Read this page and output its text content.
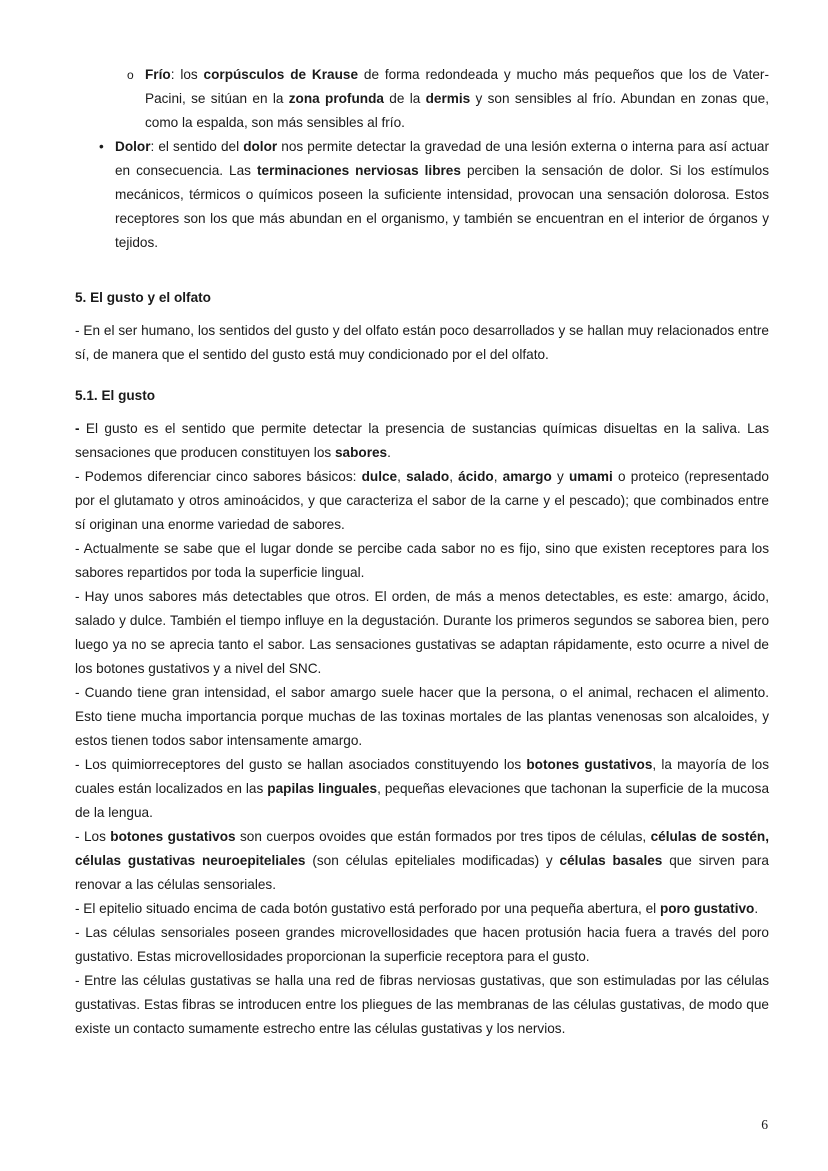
o Frío: los corpúsculos de Krause de forma redondeada y mucho más pequeños que los de Vater-Pacini, se sitúan en la zona profunda de la dermis y son sensibles al frío. Abundan en zonas que, como la espalda, son más sensibles al frío.

• Dolor: el sentido del dolor nos permite detectar la gravedad de una lesión externa o interna para así actuar en consecuencia. Las terminaciones nerviosas libres perciben la sensación de dolor. Si los estímulos mecánicos, térmicos o químicos poseen la suficiente intensidad, provocan una sensación dolorosa. Estos receptores son los que más abundan en el organismo, y también se encuentran en el interior de órganos y tejidos.

5. El gusto y el olfato

- En el ser humano, los sentidos del gusto y del olfato están poco desarrollados y se hallan muy relacionados entre sí, de manera que el sentido del gusto está muy condicionado por el del olfato.

5.1. El gusto

- El gusto es el sentido que permite detectar la presencia de sustancias químicas disueltas en la saliva. Las sensaciones que producen constituyen los sabores.

- Podemos diferenciar cinco sabores básicos: dulce, salado, ácido, amargo y umami o proteico (representado por el glutamato y otros aminoácidos, y que caracteriza el sabor de la carne y el pescado); que combinados entre sí originan una enorme variedad de sabores.

- Actualmente se sabe que el lugar donde se percibe cada sabor no es fijo, sino que existen receptores para los sabores repartidos por toda la superficie lingual.

- Hay unos sabores más detectables que otros. El orden, de más a menos detectables, es este: amargo, ácido, salado y dulce. También el tiempo influye en la degustación. Durante los primeros segundos se saborea bien, pero luego ya no se aprecia tanto el sabor. Las sensaciones gustativas se adaptan rápidamente, esto ocurre a nivel de los botones gustativos y a nivel del SNC.

- Cuando tiene gran intensidad, el sabor amargo suele hacer que la persona, o el animal, rechacen el alimento. Esto tiene mucha importancia porque muchas de las toxinas mortales de las plantas venenosas son alcaloides, y estos tienen todos sabor intensamente amargo.

- Los quimiorreceptores del gusto se hallan asociados constituyendo los botones gustativos, la mayoría de los cuales están localizados en las papilas linguales, pequeñas elevaciones que tachonan la superficie de la mucosa de la lengua.

- Los botones gustativos son cuerpos ovoides que están formados por tres tipos de células, células de sostén, células gustativas neuroepiteliales (son células epiteliales modificadas) y células basales que sirven para renovar a las células sensoriales.

- El epitelio situado encima de cada botón gustativo está perforado por una pequeña abertura, el poro gustativo.

- Las células sensoriales poseen grandes microvellosidades que hacen protusión hacia fuera a través del poro gustativo. Estas microvellosidades proporcionan la superficie receptora para el gusto.

- Entre las células gustativas se halla una red de fibras nerviosas gustativas, que son estimuladas por las células gustativas. Estas fibras se introducen entre los pliegues de las membranas de las células gustativas, de modo que existe un contacto sumamente estrecho entre las células gustativas y los nervios.

6
